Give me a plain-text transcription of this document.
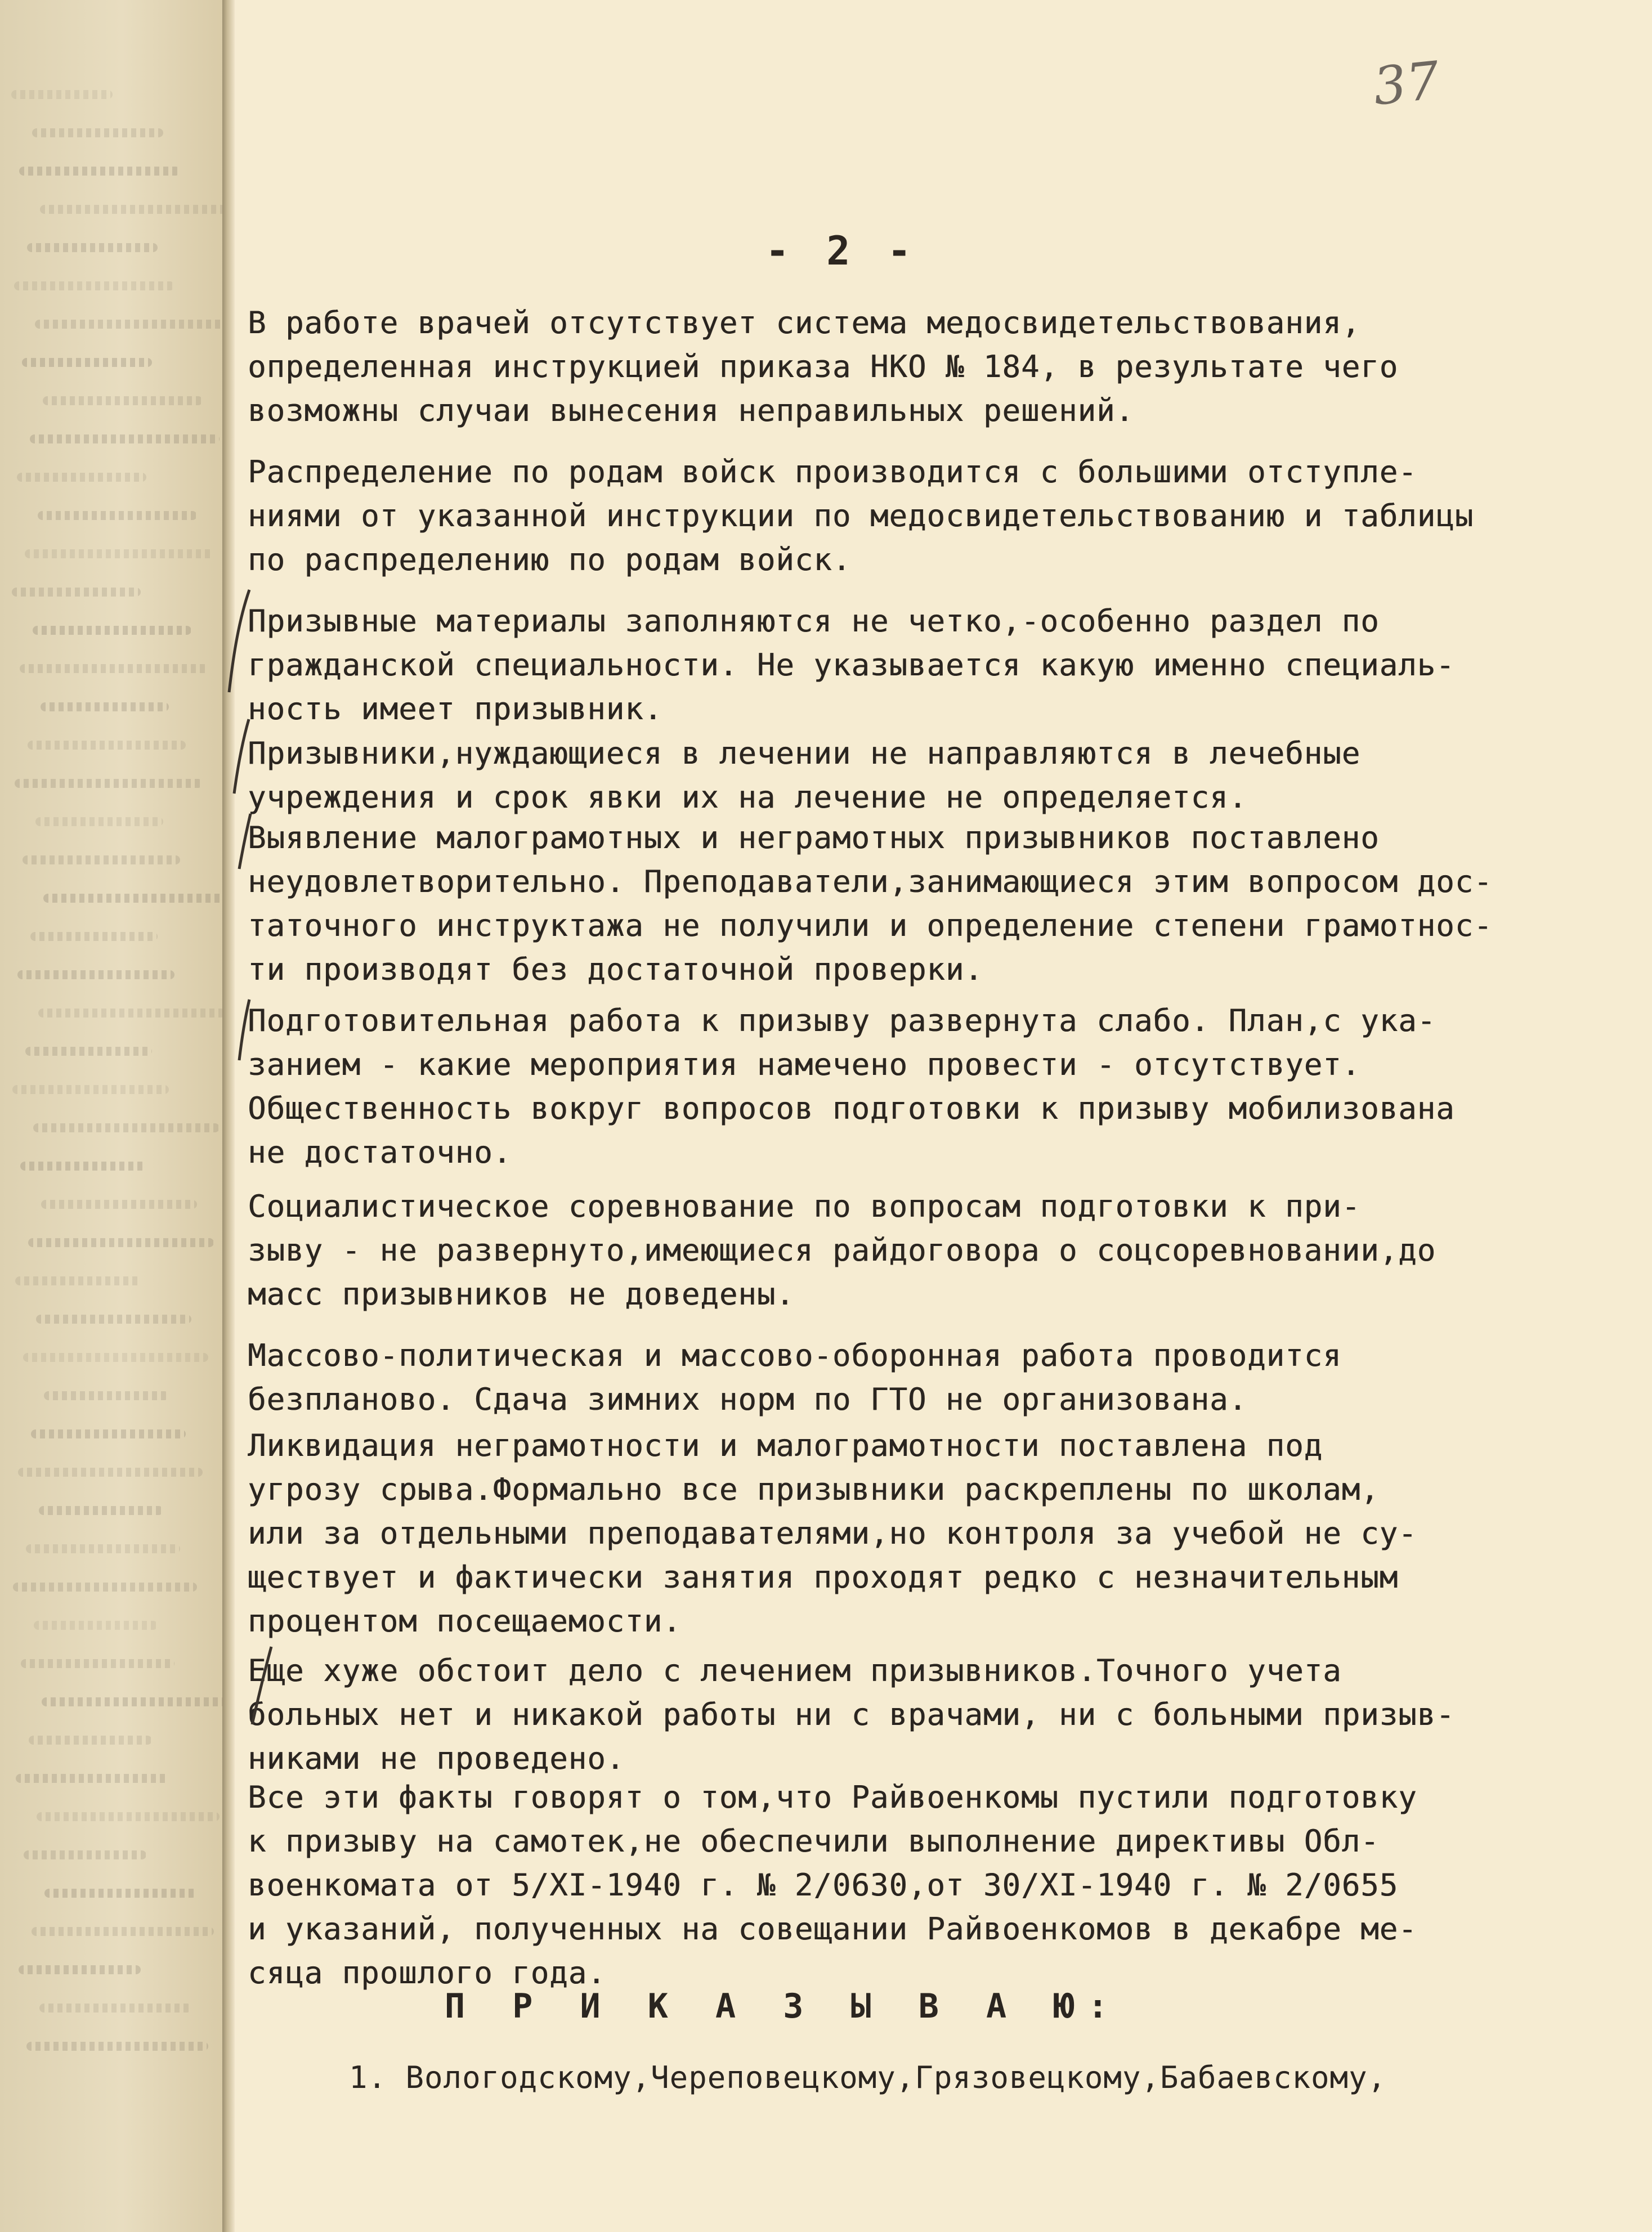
37
- 2 -
В работе врачей отсутствует система медосвидетельствования,
определенная инструкцией приказа НКО № 184, в результате чего
возможны случаи вынесения неправильных решений.
Распределение по родам войск производится с большими отступле-
ниями от указанной инструкции по медосвидетельствованию и таблицы
по распределению по родам войск.
Призывные материалы заполняются не четко,-особенно раздел по
гражданской специальности. Не указывается какую именно специаль-
ность имеет призывник.
Призывники,нуждающиеся в лечении не направляются в лечебные
учреждения и срок явки их на лечение не определяется.
Выявление малограмотных и неграмотных призывников поставлено
неудовлетворительно. Преподаватели,занимающиеся этим вопросом дос-
таточного инструктажа не получили и определение степени грамотнос-
ти производят без достаточной проверки.
Подготовительная работа к призыву развернута слабо. План,с ука-
занием - какие мероприятия намечено провести - отсутствует.
Общественность вокруг вопросов подготовки к призыву мобилизована
не достаточно.
Социалистическое соревнование по вопросам подготовки к при-
зыву - не развернуто,имеющиеся райдоговора о соцсоревновании,до
масс призывников не доведены.
Массово-политическая и массово-оборонная работа проводится
безпланово. Сдача зимних норм по ГТО не организована.
Ликвидация неграмотности и малограмотности поставлена под
угрозу срыва.Формально все призывники раскреплены по школам,
или за отдельными преподавателями,но контроля за учебой не су-
ществует и фактически занятия проходят редко с незначительным
процентом посещаемости.
Еще хуже обстоит дело с лечением призывников.Точного учета
больных нет и никакой работы ни с врачами, ни с больными призыв-
никами не проведено.
Все эти факты говорят о том,что Райвоенкомы пустили подготовку
к призыву на самотек,не обеспечили выполнение директивы Обл-
военкомата от 5/XI-1940 г. № 2/0630,от 30/XI-1940 г. № 2/0655
и указаний, полученных на совещании Райвоенкомов в декабре ме-
сяца прошлого года.
П Р И К А З Ы В А Ю:
1. Вологодскому,Череповецкому,Грязовецкому,Бабаевскому,
